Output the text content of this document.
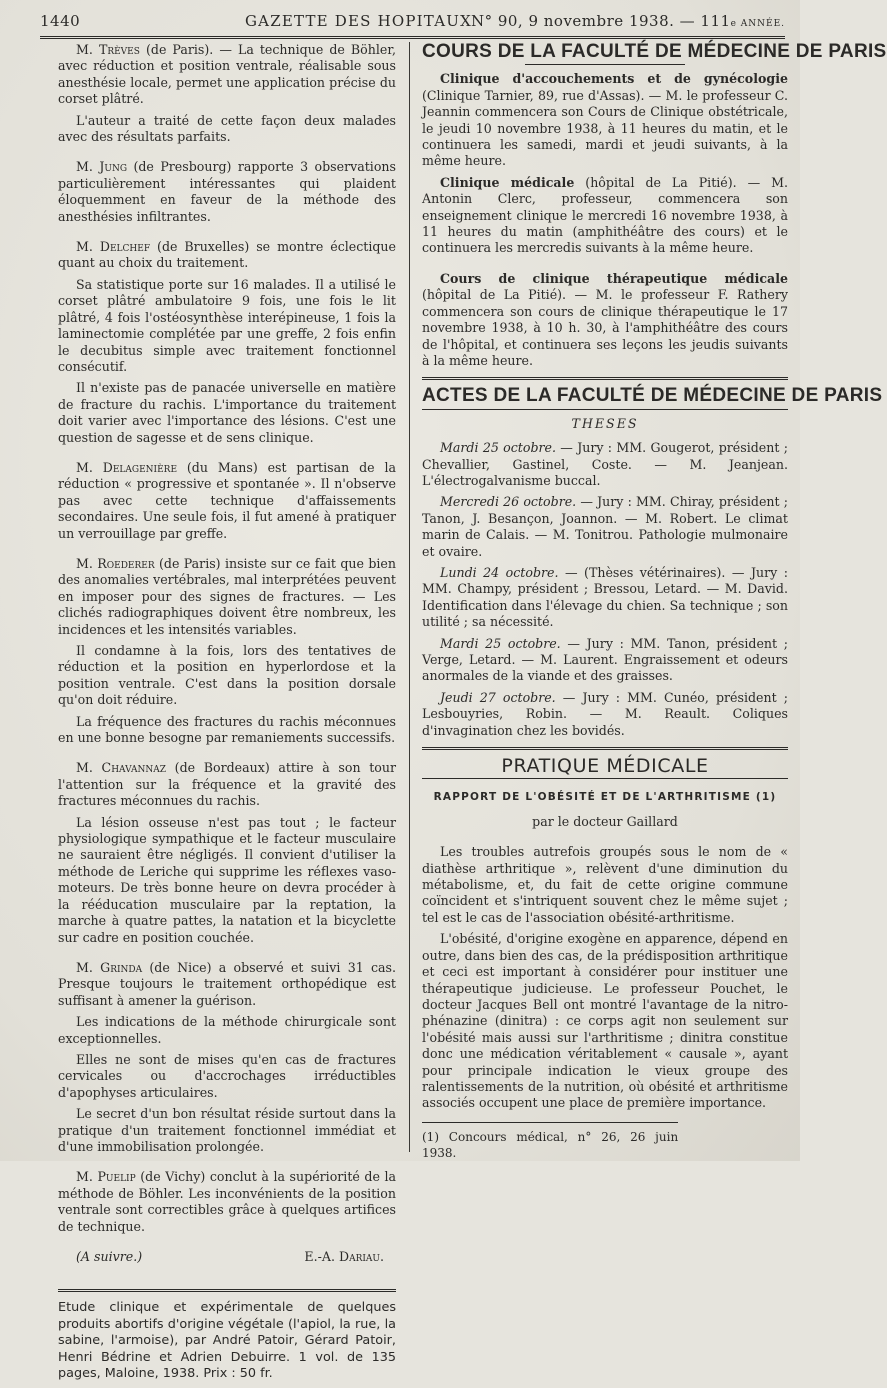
1440	GAZETTE DES HOPITAUX
N° 90, 9 novembre 1938. — 111e ANNÉE.

M. Trèves (de Paris). — La technique de Böhler, avec réduction et position ventrale, réalisable sous anesthésie locale, permet une application précise du corset plâtré.

L'auteur a traité de cette façon deux malades avec des résultats parfaits.

M. Jung (de Presbourg) rapporte 3 observations particulièrement intéressantes qui plaident éloquemment en faveur de la méthode des anesthésies infiltrantes.

M. Delchef (de Bruxelles) se montre éclectique quant au choix du traitement.

Sa statistique porte sur 16 malades. Il a utilisé le corset plâtré ambulatoire 9 fois, une fois le lit plâtré, 4 fois l'ostéosynthèse interépineuse, 1 fois la laminectomie complétée par une greffe, 2 fois enfin le decubitus simple avec traitement fonctionnel consécutif.

Il n'existe pas de panacée universelle en matière de fracture du rachis. L'importance du traitement doit varier avec l'importance des lésions. C'est une question de sagesse et de sens clinique.

M. Delagenière (du Mans) est partisan de la réduction « progressive et spontanée ». Il n'observe pas avec cette technique d'affaissements secondaires. Une seule fois, il fut amené à pratiquer un verrouillage par greffe.

M. Roederer (de Paris) insiste sur ce fait que bien des anomalies vertébrales, mal interprétées peuvent en imposer pour des signes de fractures. — Les clichés radiographiques doivent être nombreux, les incidences et les intensités variables.

Il condamne à la fois, lors des tentatives de réduction et la position en hyperlordose et la position ventrale. C'est dans la position dorsale qu'on doit réduire.

La fréquence des fractures du rachis méconnues en une bonne besogne par remaniements successifs.

M. Chavannaz (de Bordeaux) attire à son tour l'attention sur la fréquence et la gravité des fractures méconnues du rachis.

La lésion osseuse n'est pas tout ; le facteur physiologique sympathique et le facteur musculaire ne sauraient être négligés. Il convient d'utiliser la méthode de Leriche qui supprime les réflexes vaso-moteurs. De très bonne heure on devra procéder à la rééducation musculaire par la reptation, la marche à quatre pattes, la natation et la bicyclette sur cadre en position couchée.

M. Grinda (de Nice) a observé et suivi 31 cas. Presque toujours le traitement orthopédique est suffisant à amener la guérison.

Les indications de la méthode chirurgicale sont exceptionnelles.

Elles ne sont de mises qu'en cas de fractures cervicales ou d'accrochages irréductibles d'apophyses articulaires.

Le secret d'un bon résultat réside surtout dans la pratique d'un traitement fonctionnel immédiat et d'une immobilisation prolongée.

M. Puelip (de Vichy) conclut à la supériorité de la méthode de Böhler. Les inconvénients de la position ventrale sont correctibles grâce à quelques artifices de technique.

(A suivre.)	E.-A. Dariau.

Etude clinique et expérimentale de quelques produits abortifs d'origine végétale (l'apiol, la rue, la sabine, l'armoise), par André Patoir, Gérard Patoir, Henri Bédrine et Adrien Debuirre. 1 vol. de 135 pages, Maloine, 1938. Prix : 50 fr.

COURS DE LA FACULTÉ DE MÉDECINE DE PARIS

Clinique d'accouchements et de gynécologie (Clinique Tarnier, 89, rue d'Assas). — M. le professeur C. Jeannin commencera son Cours de Clinique obstétricale, le jeudi 10 novembre 1938, à 11 heures du matin, et le continuera les samedi, mardi et jeudi suivants, à la même heure.

Clinique médicale (hôpital de La Pitié). — M. Antonin Clerc, professeur, commencera son enseignement clinique le mercredi 16 novembre 1938, à 11 heures du matin (amphithéâtre des cours) et le continuera les mercredis suivants à la même heure.

Cours de clinique thérapeutique médicale (hôpital de La Pitié). — M. le professeur F. Rathery commencera son cours de clinique thérapeutique le 17 novembre 1938, à 10 h. 30, à l'amphithéâtre des cours de l'hôpital, et continuera ses leçons les jeudis suivants à la même heure.

ACTES DE LA FACULTÉ DE MÉDECINE DE PARIS

THESES

Mardi 25 octobre. — Jury : MM. Gougerot, président ; Chevallier, Gastinel, Coste. — M. Jeanjean. L'électrogalvanisme buccal.

Mercredi 26 octobre. — Jury : MM. Chiray, président ; Tanon, J. Besançon, Joannon. — M. Robert. Le climat marin de Calais. — M. Tonitrou. Pathologie mulmonaire et ovaire.

Lundi 24 octobre. — (Thèses vétérinaires). — Jury : MM. Champy, président ; Bressou, Letard. — M. David. Identification dans l'élevage du chien. Sa technique ; son utilité ; sa nécessité.

Mardi 25 octobre. — Jury : MM. Tanon, président ; Verge, Letard. — M. Laurent. Engraissement et odeurs anormales de la viande et des graisses.

Jeudi 27 octobre. — Jury : MM. Cunéo, président ; Lesbouyries, Robin. — M. Reault. Coliques d'invagination chez les bovidés.

PRATIQUE MÉDICALE

RAPPORT DE L'OBÉSITÉ ET DE L'ARTHRITISME (1)

par le docteur Gaillard

Les troubles autrefois groupés sous le nom de « diathèse arthritique », relèvent d'une diminution du métabolisme, et, du fait de cette origine commune coïncident et s'intriquent souvent chez le même sujet ; tel est le cas de l'association obésité-arthritisme.

L'obésité, d'origine exogène en apparence, dépend en outre, dans bien des cas, de la prédisposition arthritique et ceci est important à considérer pour instituer une thérapeutique judicieuse. Le professeur Pouchet, le docteur Jacques Bell ont montré l'avantage de la nitro-phénazine (dinitra) : ce corps agit non seulement sur l'obésité mais aussi sur l'arthritisme ; dinitra constitue donc une médication véritablement « causale », ayant pour principale indication le vieux groupe des ralentissements de la nutrition, où obésité et arthritisme associés occupent une place de première importance.

(1) Concours médical, n° 26, 26 juin 1938.
